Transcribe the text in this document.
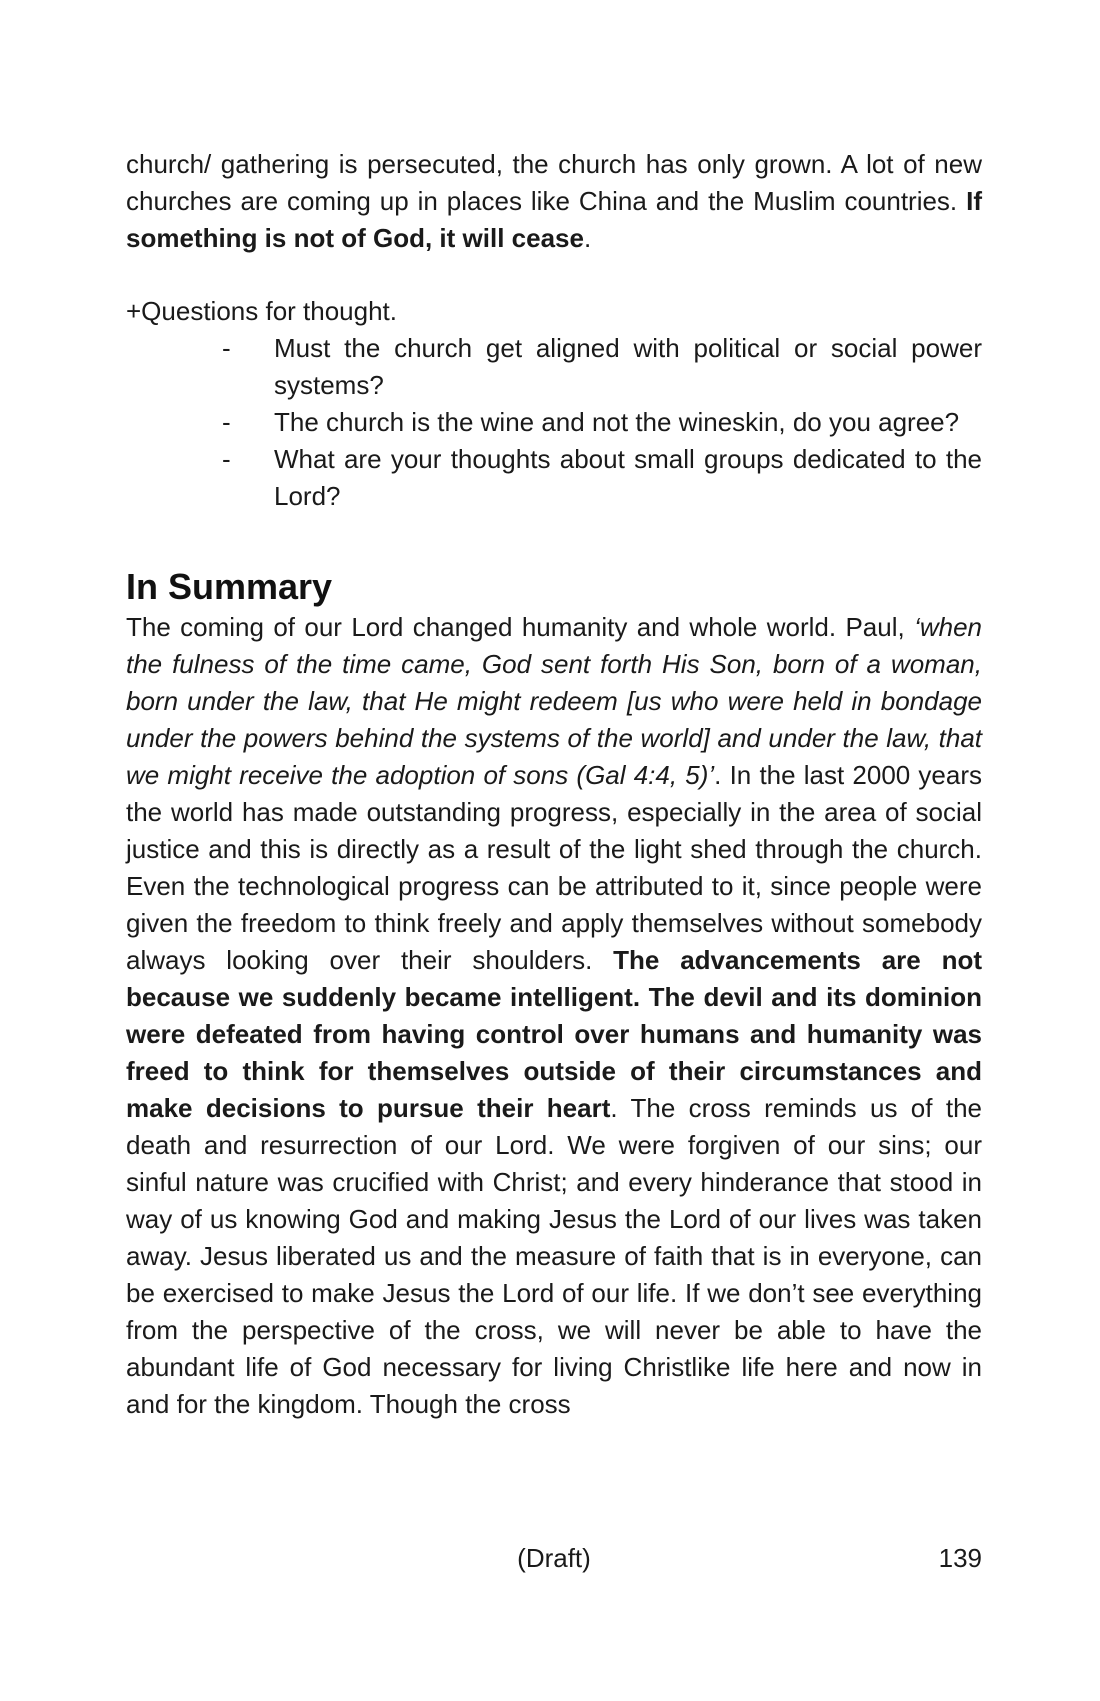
church/ gathering is persecuted, the church has only grown. A lot of new churches are coming up in places like China and the Muslim countries. If something is not of God, it will cease.

+Questions for thought.

- Must the church get aligned with political or social power systems?
- The church is the wine and not the wineskin, do you agree?
- What are your thoughts about small groups dedicated to the Lord?
In Summary

The coming of our Lord changed humanity and whole world. Paul, ‘when the fulness of the time came, God sent forth His Son, born of a woman, born under the law, that He might redeem [us who were held in bondage under the powers behind the systems of the world] and under the law, that we might receive the adoption of sons (Gal 4:4, 5)’. In the last 2000 years the world has made outstanding progress, especially in the area of social justice and this is directly as a result of the light shed through the church. Even the technological progress can be attributed to it, since people were given the freedom to think freely and apply themselves without somebody always looking over their shoulders. The advancements are not because we suddenly became intelligent. The devil and its dominion were defeated from having control over humans and humanity was freed to think for themselves outside of their circumstances and make decisions to pursue their heart. The cross reminds us of the death and resurrection of our Lord. We were forgiven of our sins; our sinful nature was crucified with Christ; and every hinderance that stood in way of us knowing God and making Jesus the Lord of our lives was taken away. Jesus liberated us and the measure of faith that is in everyone, can be exercised to make Jesus the Lord of our life. If we don’t see everything from the perspective of the cross, we will never be able to have the abundant life of God necessary for living Christlike life here and now in and for the kingdom. Though the cross

(Draft)	139
